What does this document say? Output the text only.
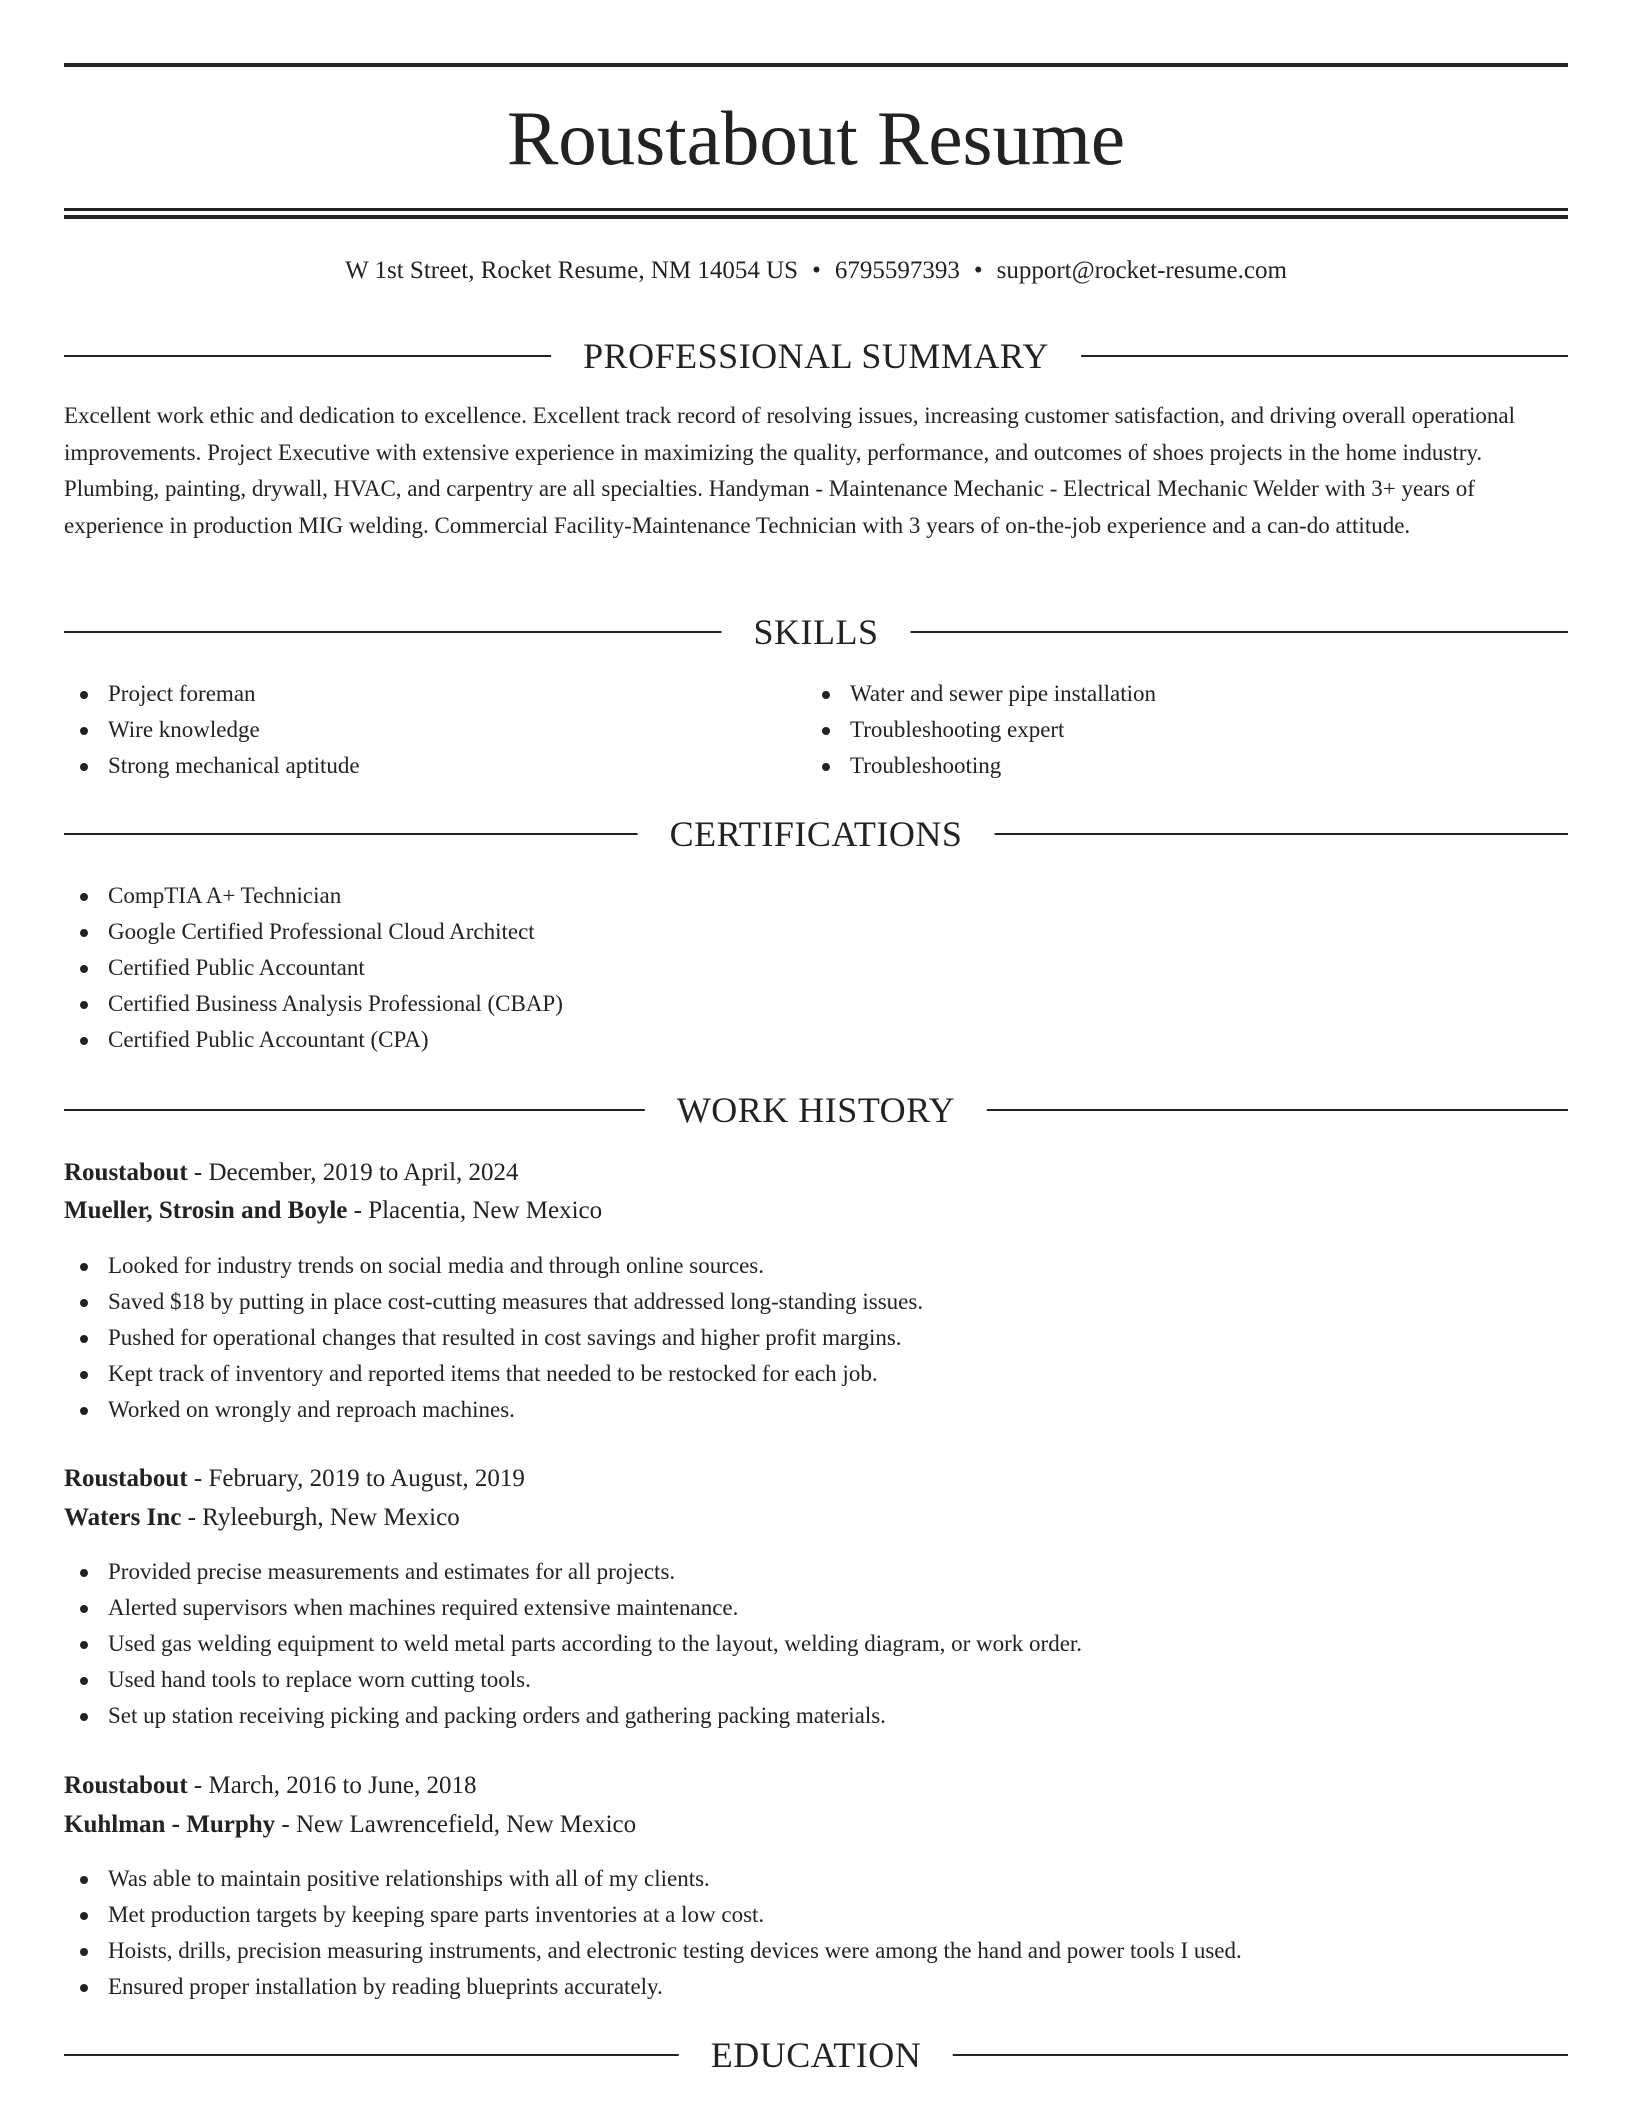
Roustabout Resume
W 1st Street, Rocket Resume, NM 14054 US • 6795597393 • support@rocket-resume.com
PROFESSIONAL SUMMARY

Excellent work ethic and dedication to excellence. Excellent track record of resolving issues, increasing customer satisfaction, and driving overall operational improvements. Project Executive with extensive experience in maximizing the quality, performance, and outcomes of shoes projects in the home industry. Plumbing, painting, drywall, HVAC, and carpentry are all specialties. Handyman - Maintenance Mechanic - Electrical Mechanic Welder with 3+ years of experience in production MIG welding. Commercial Facility-Maintenance Technician with 3 years of on-the-job experience and a can-do attitude.

SKILLS
Project foreman
Wire knowledge
Strong mechanical aptitude
Water and sewer pipe installation
Troubleshooting expert
Troubleshooting
CERTIFICATIONS
CompTIA A+ Technician
Google Certified Professional Cloud Architect
Certified Public Accountant
Certified Business Analysis Professional (CBAP)
Certified Public Accountant (CPA)
WORK HISTORY
Roustabout - December, 2019 to April, 2024
Mueller, Strosin and Boyle - Placentia, New Mexico
Looked for industry trends on social media and through online sources.
Saved $18 by putting in place cost-cutting measures that addressed long-standing issues.
Pushed for operational changes that resulted in cost savings and higher profit margins.
Kept track of inventory and reported items that needed to be restocked for each job.
Worked on wrongly and reproach machines.
Roustabout - February, 2019 to August, 2019
Waters Inc - Ryleeburgh, New Mexico
Provided precise measurements and estimates for all projects.
Alerted supervisors when machines required extensive maintenance.
Used gas welding equipment to weld metal parts according to the layout, welding diagram, or work order.
Used hand tools to replace worn cutting tools.
Set up station receiving picking and packing orders and gathering packing materials.
Roustabout - March, 2016 to June, 2018
Kuhlman - Murphy - New Lawrencefield, New Mexico
Was able to maintain positive relationships with all of my clients.
Met production targets by keeping spare parts inventories at a low cost.
Hoists, drills, precision measuring instruments, and electronic testing devices were among the hand and power tools I used.
Ensured proper installation by reading blueprints accurately.
EDUCATION
